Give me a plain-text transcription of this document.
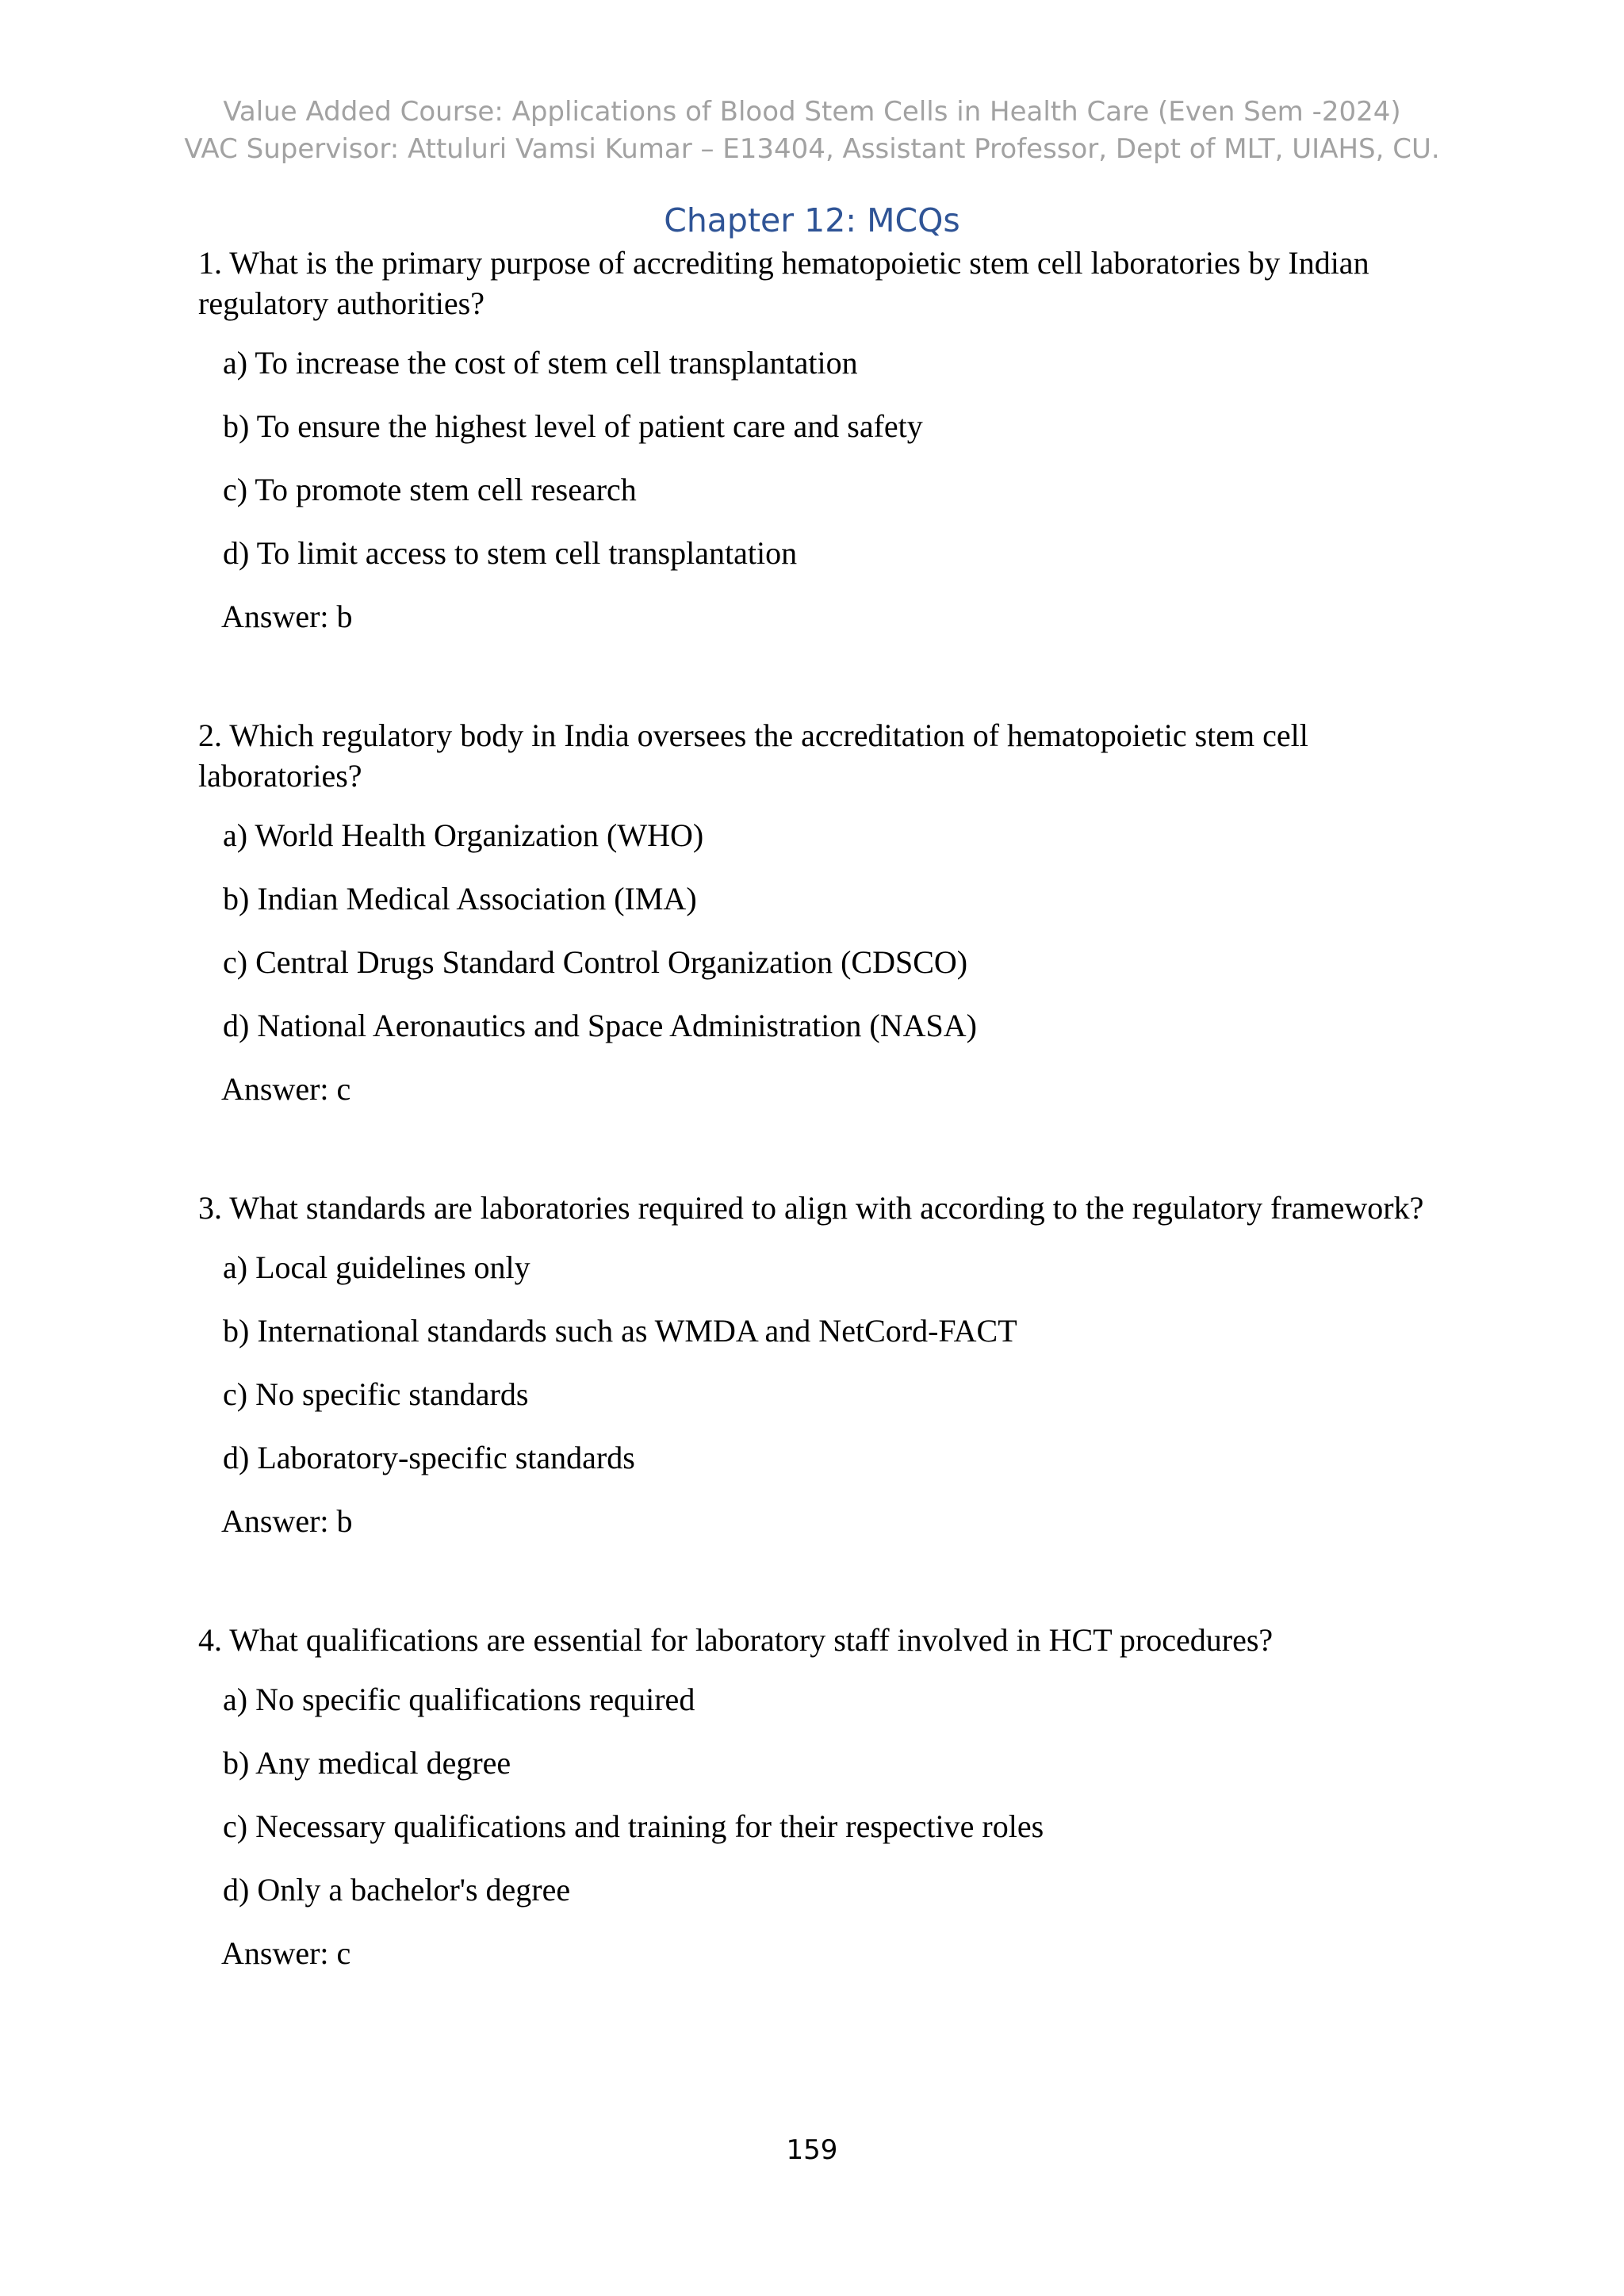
Value Added Course: Applications of Blood Stem Cells in Health Care (Even Sem -2024)
VAC Supervisor: Attuluri Vamsi Kumar – E13404, Assistant Professor, Dept of MLT, UIAHS, CU.
Chapter 12: MCQs

1. What is the primary purpose of accrediting hematopoietic stem cell laboratories by Indian regulatory authorities?

a) To increase the cost of stem cell transplantation

b) To ensure the highest level of patient care and safety

c) To promote stem cell research

d) To limit access to stem cell transplantation

Answer: b

2. Which regulatory body in India oversees the accreditation of hematopoietic stem cell laboratories?

a) World Health Organization (WHO)

b) Indian Medical Association (IMA)

c) Central Drugs Standard Control Organization (CDSCO)

d) National Aeronautics and Space Administration (NASA)

Answer: c

3. What standards are laboratories required to align with according to the regulatory framework?

a) Local guidelines only

b) International standards such as WMDA and NetCord-FACT

c) No specific standards

d) Laboratory-specific standards

Answer: b

4. What qualifications are essential for laboratory staff involved in HCT procedures?

a) No specific qualifications required

b) Any medical degree

c) Necessary qualifications and training for their respective roles

d) Only a bachelor's degree

Answer: c

159
